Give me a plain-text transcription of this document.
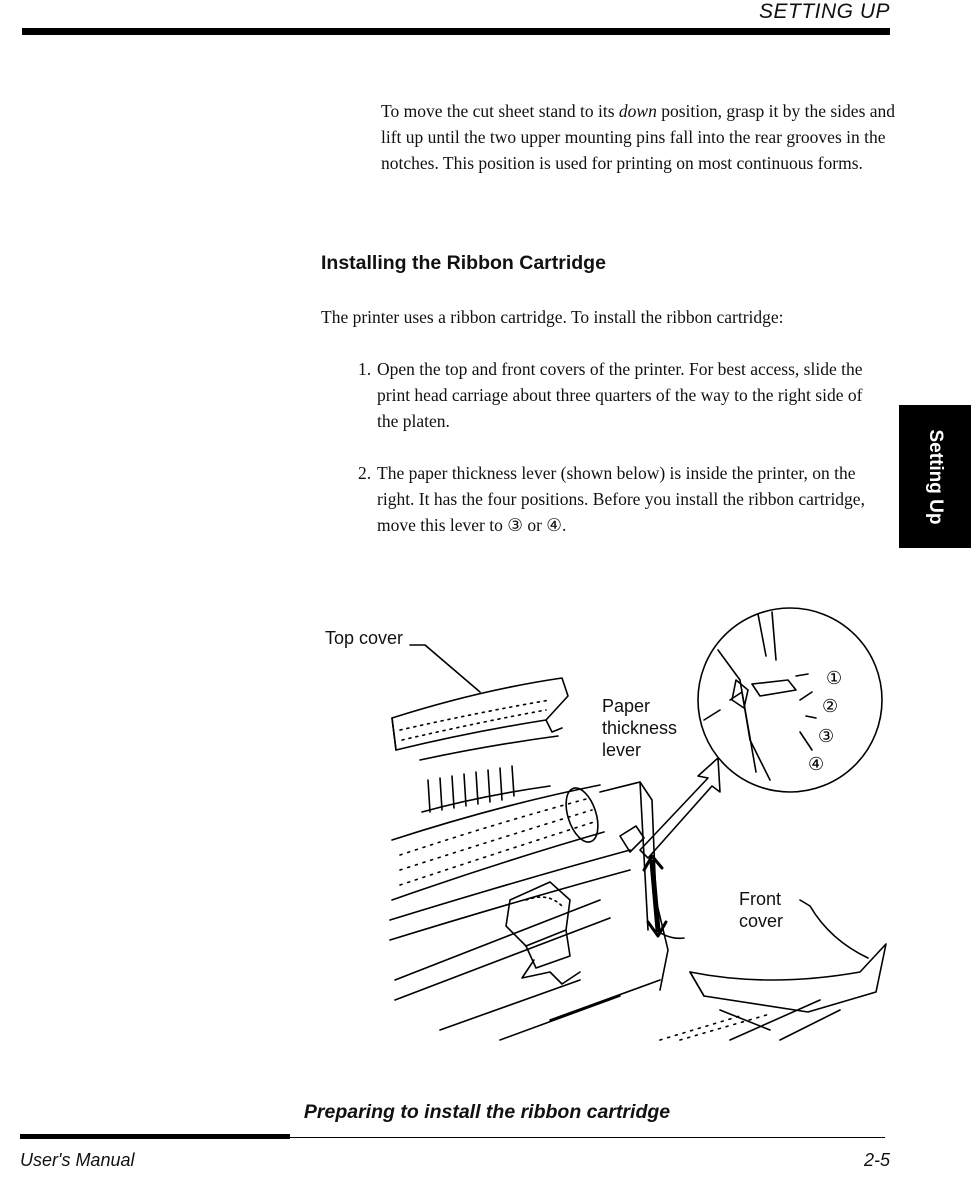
SETTING UP

To move the cut sheet stand to its down position, grasp it by the sides and lift up until the two upper mounting pins fall into the rear grooves in the notches. This position is used for printing on most continuous forms.

Installing the Ribbon Cartridge

The printer uses a ribbon cartridge. To install the ribbon cartridge:

1. Open the top and front covers of the printer. For best access, slide the print head carriage about three quarters of the way to the right side of the platen.

2. The paper thickness lever (shown below) is inside the printer, on the right. It has the four positions. Before you install the ribbon cartridge, move this lever to ③ or ④.

Setting Up
Top cover
Paper
thickness
lever
Front
cover
①
②
③
④
Preparing to install the ribbon cartridge
User's Manual	2-5
